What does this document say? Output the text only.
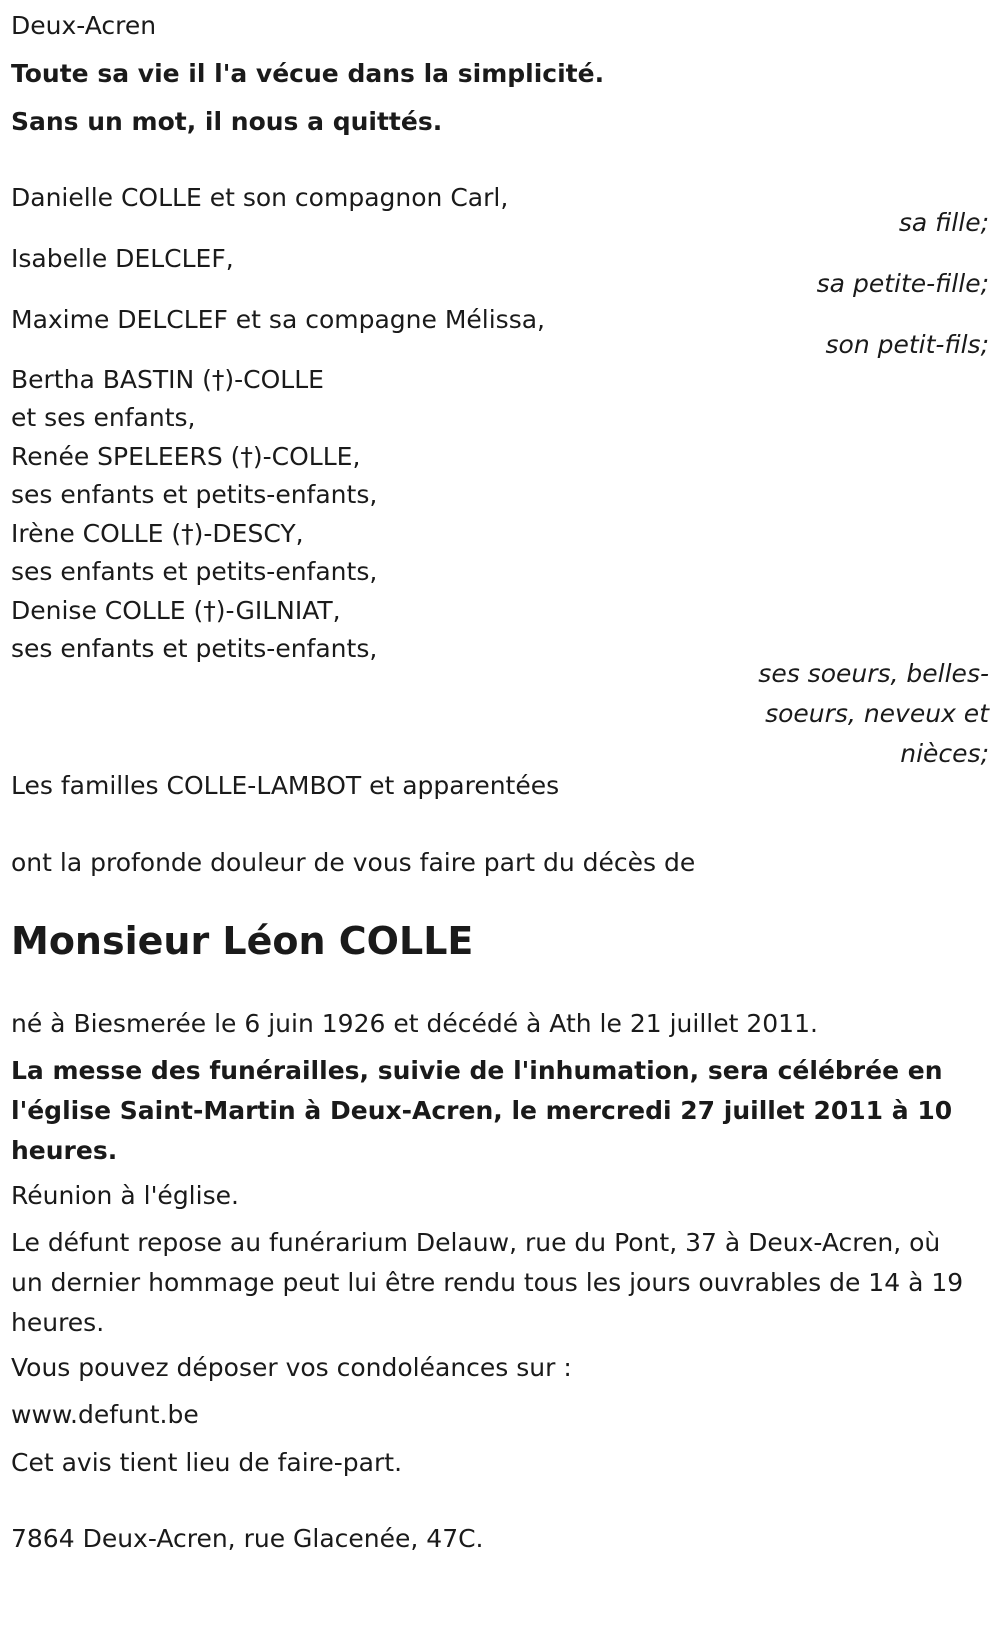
Deux-Acren
Toute sa vie il l'a vécue dans la simplicité.
Sans un mot, il nous a quittés.
Danielle COLLE et son compagnon Carl,
Isabelle DELCLEF,
Maxime DELCLEF et sa compagne Mélissa,
Bertha BASTIN (†)-COLLE
et ses enfants,
Renée SPELEERS (†)-COLLE,
ses enfants et petits-enfants,
Irène COLLE (†)-DESCY,
ses enfants et petits-enfants,
Denise COLLE (†)-GILNIAT,
ses enfants et petits-enfants,
Les familles COLLE-LAMBOT et apparentées
ont la profonde douleur de vous faire part du décès de
Monsieur Léon COLLE
né à Biesmerée le 6 juin 1926 et décédé à Ath le 21 juillet 2011.

La messe des funérailles, suivie de l'inhumation, sera célébrée en l'église Saint-Martin à Deux-Acren, le mercredi 27 juillet 2011 à 10 heures.

Réunion à l'église.

Le défunt repose au funérarium Delauw, rue du Pont, 37 à Deux-Acren, où un dernier hommage peut lui être rendu tous les jours ouvrables de 14 à 19 heures.

Vous pouvez déposer vos condoléances sur :
www.defunt.be
Cet avis tient lieu de faire-part.
7864 Deux-Acren, rue Glacenée, 47C.
sa fille;
sa petite-fille;
son petit-fils;
ses soeurs, belles-soeurs, neveux et nièces;
